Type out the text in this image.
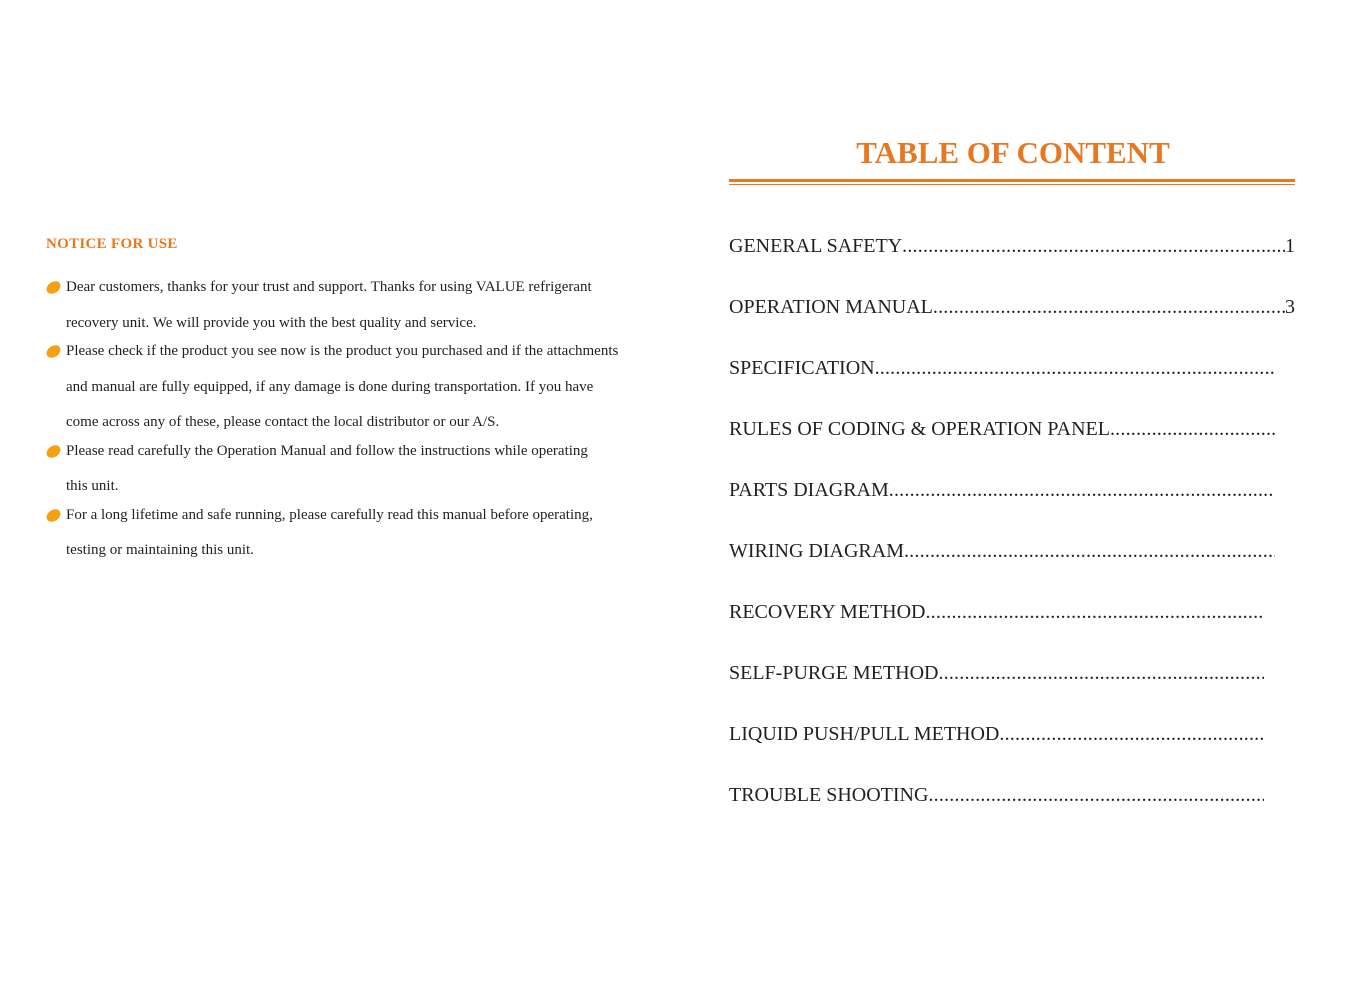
NOTICE FOR USE
Dear customers, thanks for your trust and support. Thanks for using VALUE refrigerant
recovery unit. We will provide you with the best quality and service.
Please check if the product you see now is the product you purchased and if the attachments
and manual are fully equipped, if any damage is done during transportation. If you have
come across any of these, please contact the local distributor or our A/S.
Please read carefully the Operation Manual and follow the instructions while operating
this unit.
For a long lifetime and safe running, please carefully read this manual before operating,
testing or maintaining this unit.
TABLE OF CONTENT
GENERAL SAFETY .....	1
OPERATION MANUAL .....	3
SPECIFICATION
.....
RULES OF CODING & OPERATION PANEL
.....
PARTS DIAGRAM
.....
WIRING DIAGRAM
.....
RECOVERY METHOD
.....
SELF-PURGE METHOD
.....
LIQUID PUSH/PULL METHOD
.....
TROUBLE SHOOTING
.....
